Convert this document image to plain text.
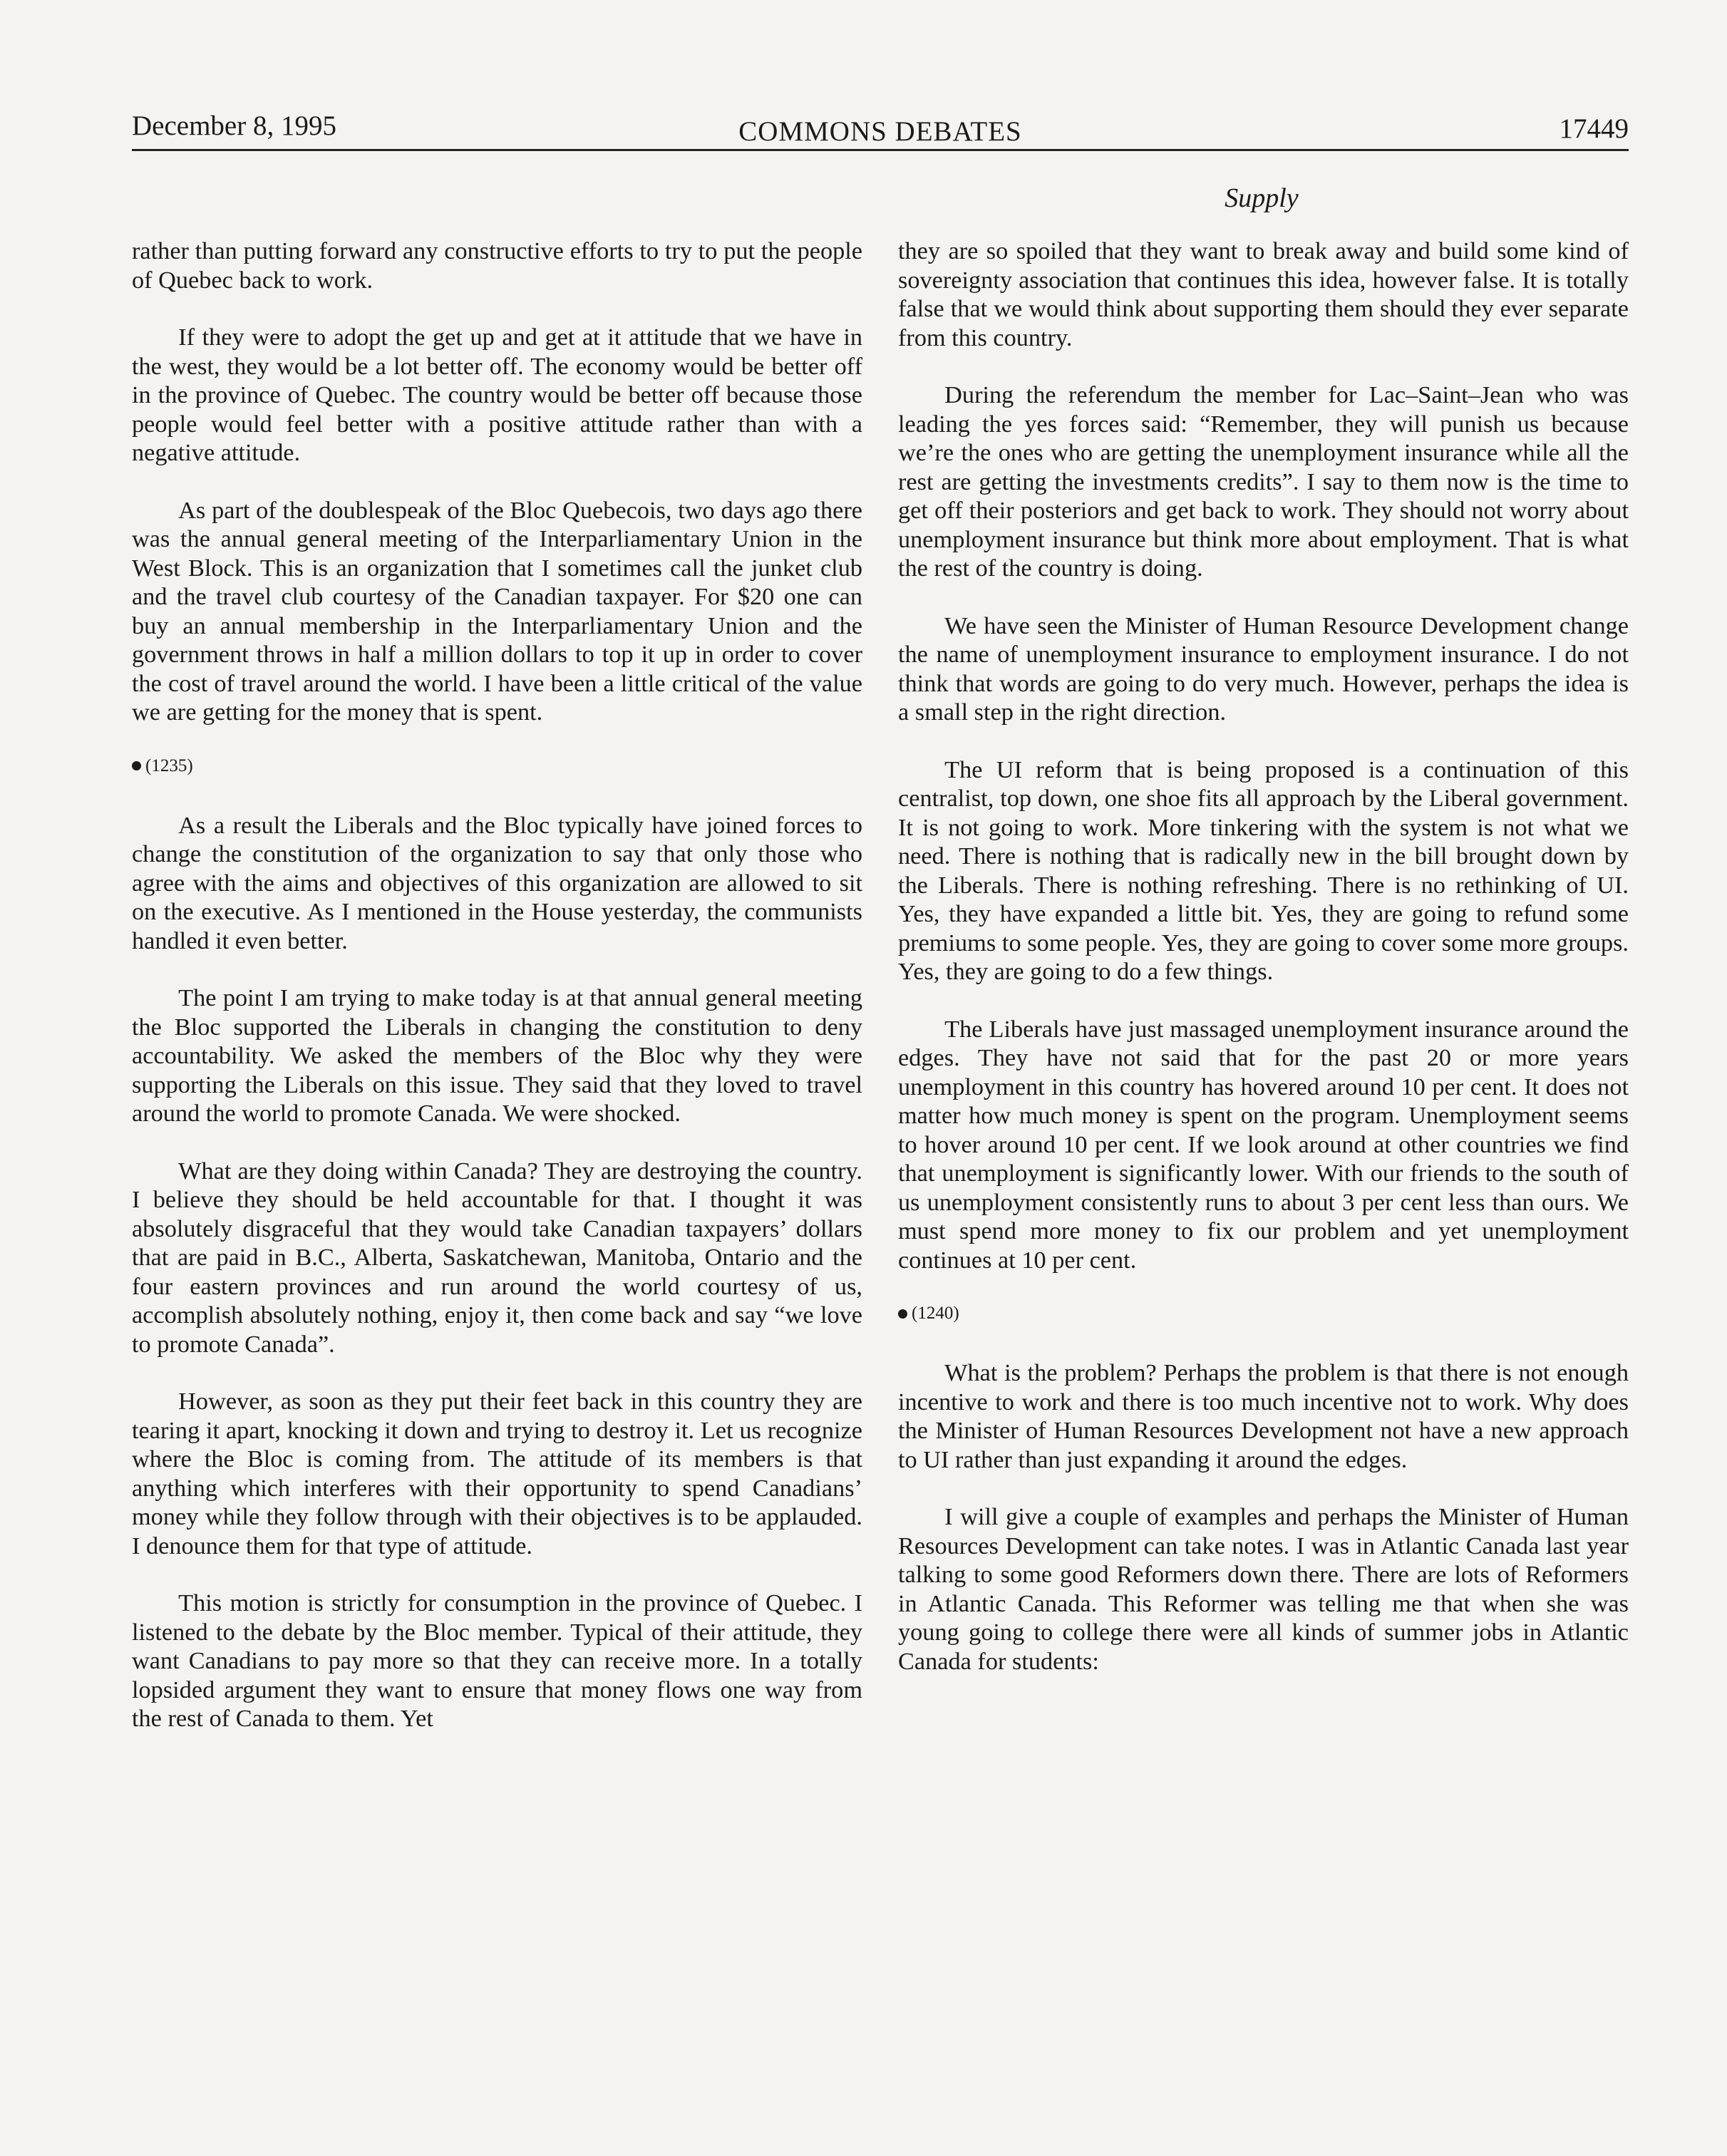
December 8, 1995	COMMONS DEBATES	17449
Supply

rather than putting forward any constructive efforts to try to put the people of Quebec back to work.

If they were to adopt the get up and get at it attitude that we have in the west, they would be a lot better off. The economy would be better off in the province of Quebec. The country would be better off because those people would feel better with a positive attitude rather than with a negative attitude.

As part of the doublespeak of the Bloc Quebecois, two days ago there was the annual general meeting of the Interparliamentary Union in the West Block. This is an organization that I sometimes call the junket club and the travel club courtesy of the Canadian taxpayer. For $20 one can buy an annual membership in the Interparliamentary Union and the government throws in half a million dollars to top it up in order to cover the cost of travel around the world. I have been a little critical of the value we are getting for the money that is spent.

(1235)

As a result the Liberals and the Bloc typically have joined forces to change the constitution of the organization to say that only those who agree with the aims and objectives of this organization are allowed to sit on the executive. As I mentioned in the House yesterday, the communists handled it even better.

The point I am trying to make today is at that annual general meeting the Bloc supported the Liberals in changing the constitution to deny accountability. We asked the members of the Bloc why they were supporting the Liberals on this issue. They said that they loved to travel around the world to promote Canada. We were shocked.

What are they doing within Canada? They are destroying the country. I believe they should be held accountable for that. I thought it was absolutely disgraceful that they would take Canadian taxpayers’ dollars that are paid in B.C., Alberta, Saskatchewan, Manitoba, Ontario and the four eastern provinces and run around the world courtesy of us, accomplish absolutely nothing, enjoy it, then come back and say “we love to promote Canada”.

However, as soon as they put their feet back in this country they are tearing it apart, knocking it down and trying to destroy it. Let us recognize where the Bloc is coming from. The attitude of its members is that anything which interferes with their opportunity to spend Canadians’ money while they follow through with their objectives is to be applauded. I denounce them for that type of attitude.

This motion is strictly for consumption in the province of Quebec. I listened to the debate by the Bloc member. Typical of their attitude, they want Canadians to pay more so that they can receive more. In a totally lopsided argument they want to ensure that money flows one way from the rest of Canada to them. Yet

they are so spoiled that they want to break away and build some kind of sovereignty association that continues this idea, however false. It is totally false that we would think about supporting them should they ever separate from this country.

During the referendum the member for Lac–Saint–Jean who was leading the yes forces said: “Remember, they will punish us because we’re the ones who are getting the unemployment insurance while all the rest are getting the investments credits”. I say to them now is the time to get off their posteriors and get back to work. They should not worry about unemployment insurance but think more about employment. That is what the rest of the country is doing.

We have seen the Minister of Human Resource Development change the name of unemployment insurance to employment insurance. I do not think that words are going to do very much. However, perhaps the idea is a small step in the right direction.

The UI reform that is being proposed is a continuation of this centralist, top down, one shoe fits all approach by the Liberal government. It is not going to work. More tinkering with the system is not what we need. There is nothing that is radically new in the bill brought down by the Liberals. There is nothing refreshing. There is no rethinking of UI. Yes, they have expanded a little bit. Yes, they are going to refund some premiums to some people. Yes, they are going to cover some more groups. Yes, they are going to do a few things.

The Liberals have just massaged unemployment insurance around the edges. They have not said that for the past 20 or more years unemployment in this country has hovered around 10 per cent. It does not matter how much money is spent on the program. Unemployment seems to hover around 10 per cent. If we look around at other countries we find that unemployment is significantly lower. With our friends to the south of us unemployment consistently runs to about 3 per cent less than ours. We must spend more money to fix our problem and yet unemployment continues at 10 per cent.

(1240)

What is the problem? Perhaps the problem is that there is not enough incentive to work and there is too much incentive not to work. Why does the Minister of Human Resources Development not have a new approach to UI rather than just expanding it around the edges.

I will give a couple of examples and perhaps the Minister of Human Resources Development can take notes. I was in Atlantic Canada last year talking to some good Reformers down there. There are lots of Reformers in Atlantic Canada. This Reformer was telling me that when she was young going to college there were all kinds of summer jobs in Atlantic Canada for students:
